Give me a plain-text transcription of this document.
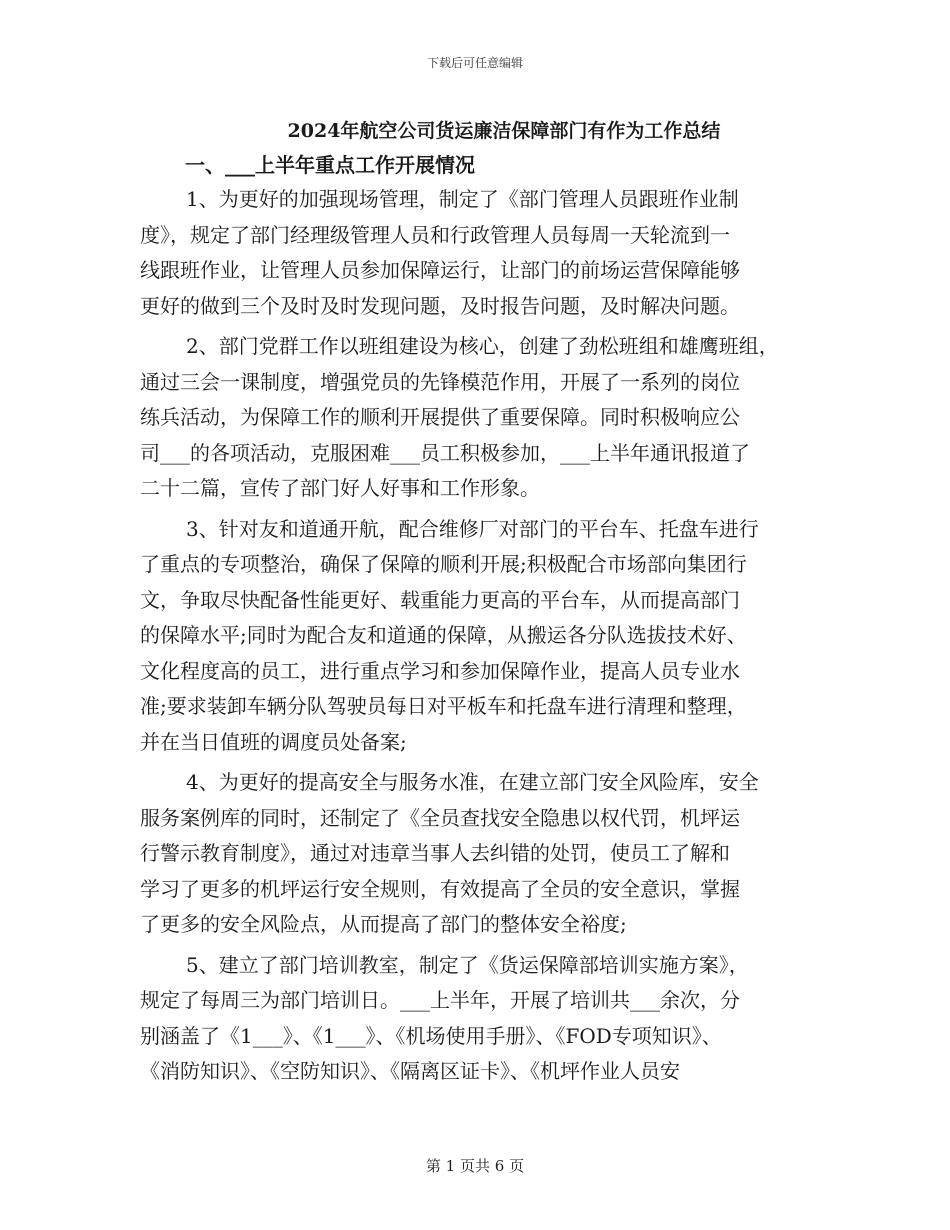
下载后可任意编辑
2024年航空公司货运廉洁保障部门有作为工作总结
一、___上半年重点工作开展情况

1、为更好的加强现场管理，制定了《部门管理人员跟班作业制
度》，规定了部门经理级管理人员和行政管理人员每周一天轮流到一
线跟班作业，让管理人员参加保障运行，让部门的前场运营保障能够
更好的做到三个及时及时发现问题，及时报告问题，及时解决问题。

2、部门党群工作以班组建设为核心，创建了劲松班组和雄鹰班组，
通过三会一课制度，增强党员的先锋模范作用，开展了一系列的岗位
练兵活动，为保障工作的顺利开展提供了重要保障。同时积极响应公
司___的各项活动，克服困难___员工积极参加，___上半年通讯报道了
二十二篇，宣传了部门好人好事和工作形象。

3、针对友和道通开航，配合维修厂对部门的平台车、托盘车进行
了重点的专项整治，确保了保障的顺利开展;积极配合市场部向集团行
文，争取尽快配备性能更好、载重能力更高的平台车，从而提高部门
的保障水平;同时为配合友和道通的保障，从搬运各分队选拔技术好、
文化程度高的员工，进行重点学习和参加保障作业，提高人员专业水
准;要求装卸车辆分队驾驶员每日对平板车和托盘车进行清理和整理，
并在当日值班的调度员处备案;

4、为更好的提高安全与服务水准，在建立部门安全风险库，安全
服务案例库的同时，还制定了《全员查找安全隐患以权代罚，机坪运
行警示教育制度》，通过对违章当事人去纠错的处罚，使员工了解和
学习了更多的机坪运行安全规则，有效提高了全员的安全意识，掌握
了更多的安全风险点，从而提高了部门的整体安全裕度;

5、建立了部门培训教室，制定了《货运保障部培训实施方案》，
规定了每周三为部门培训日。___上半年，开展了培训共___余次，分
别涵盖了《1___》、《1___》、《机场使用手册》、《FOD专项知识》、
《消防知识》、《空防知识》、《隔离区证卡》、《机坪作业人员安

第 1 页共 6 页
